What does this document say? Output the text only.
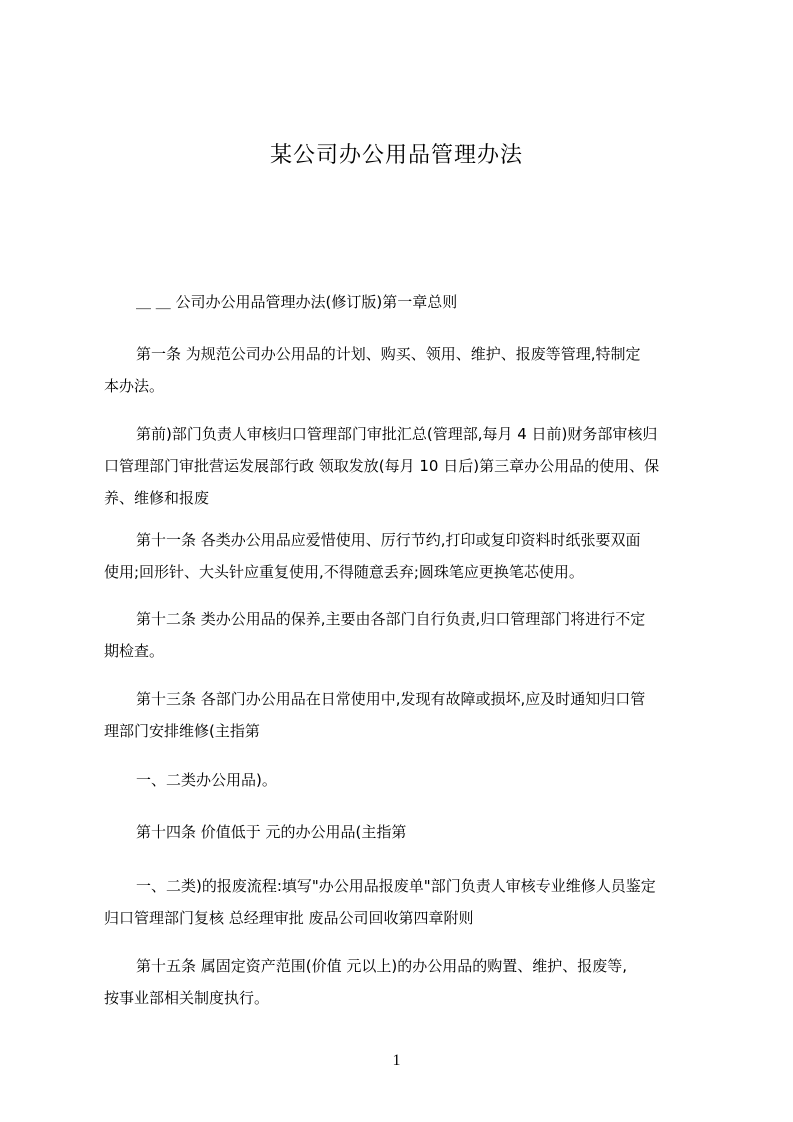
某公司办公用品管理办法
＿ ＿ 公司办公用品管理办法(修订版)第一章总则
第一条 为规范公司办公用品的计划、购买、领用、维护、报废等管理,特制定
本办法。
第前)部门负责人审核归口管理部门审批汇总(管理部,每月 4 日前)财务部审核归
口管理部门审批营运发展部行政 领取发放(每月 10 日后)第三章办公用品的使用、保
养、维修和报废
第十一条 各类办公用品应爱惜使用、厉行节约,打印或复印资料时纸张要双面
使用;回形针、大头针应重复使用,不得随意丢弃;圆珠笔应更换笔芯使用。
第十二条 类办公用品的保养,主要由各部门自行负责,归口管理部门将进行不定
期检查。
第十三条 各部门办公用品在日常使用中,发现有故障或损坏,应及时通知归口管
理部门安排维修(主指第
一、二类办公用品)。
第十四条 价值低于 元的办公用品(主指第
一、二类)的报废流程:填写"办公用品报废单"部门负责人审核专业维修人员鉴定
归口管理部门复核 总经理审批 废品公司回收第四章附则
第十五条 属固定资产范围(价值 元以上)的办公用品的购置、维护、报废等,
按事业部相关制度执行。
1
